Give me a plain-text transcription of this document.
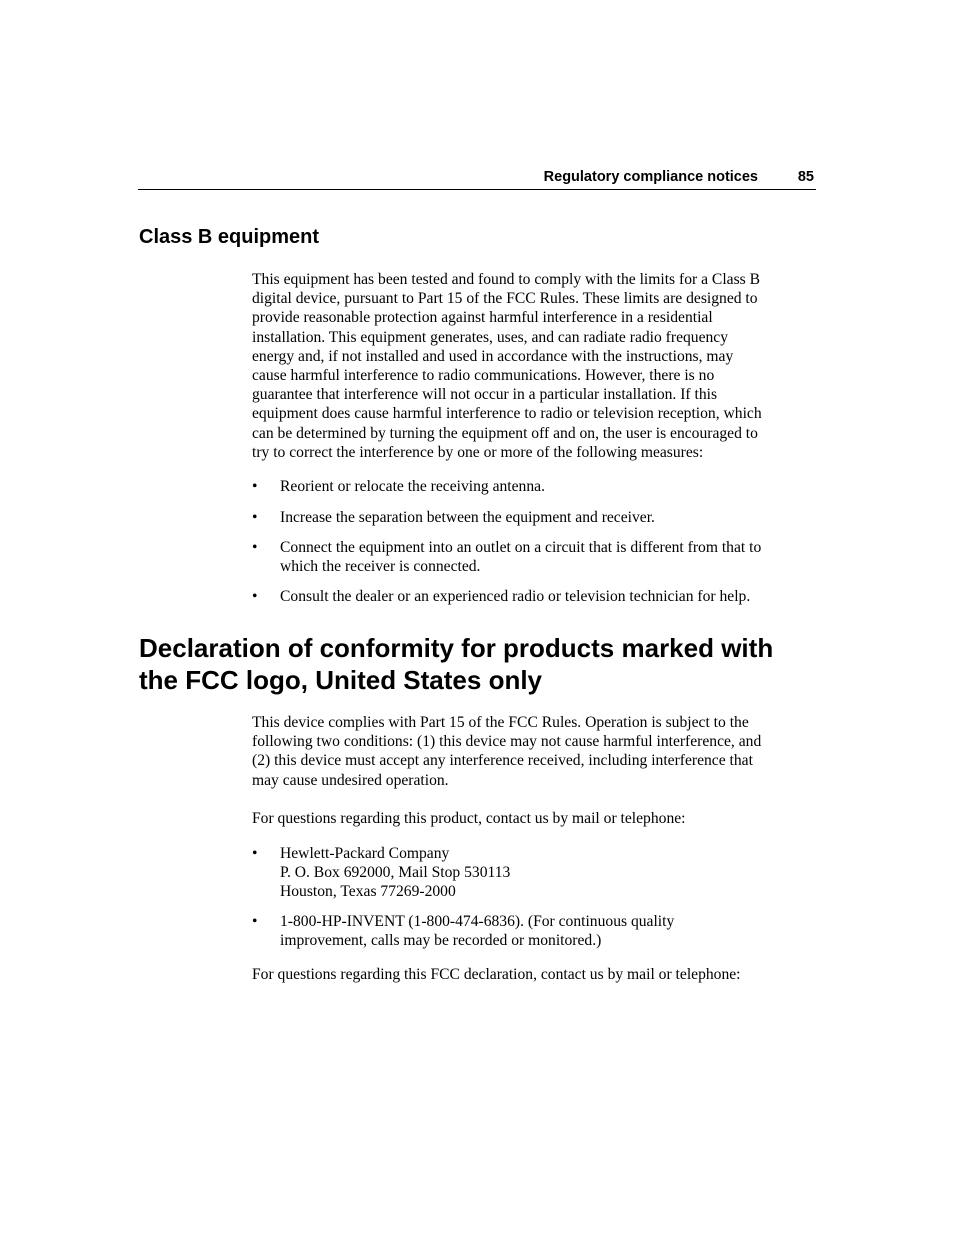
Regulatory compliance notices	85
Class B equipment
This equipment has been tested and found to comply with the limits for a Class B
digital device, pursuant to Part 15 of the FCC Rules. These limits are designed to
provide reasonable protection against harmful interference in a residential
installation. This equipment generates, uses, and can radiate radio frequency
energy and, if not installed and used in accordance with the instructions, may
cause harmful interference to radio communications. However, there is no
guarantee that interference will not occur in a particular installation. If this
equipment does cause harmful interference to radio or television reception, which
can be determined by turning the equipment off and on, the user is encouraged to
try to correct the interference by one or more of the following measures:
• Reorient or relocate the receiving antenna.
• Increase the separation between the equipment and receiver.
• Connect the equipment into an outlet on a circuit that is different from that to
which the receiver is connected.
• Consult the dealer or an experienced radio or television technician for help.
Declaration of conformity for products marked with
the FCC logo, United States only
This device complies with Part 15 of the FCC Rules. Operation is subject to the
following two conditions: (1) this device may not cause harmful interference, and
(2) this device must accept any interference received, including interference that
may cause undesired operation.
For questions regarding this product, contact us by mail or telephone:
• Hewlett-Packard Company
P. O. Box 692000, Mail Stop 530113
Houston, Texas 77269-2000
• 1-800-HP-INVENT (1-800-474-6836). (For continuous quality
improvement, calls may be recorded or monitored.)
For questions regarding this FCC declaration, contact us by mail or telephone:
